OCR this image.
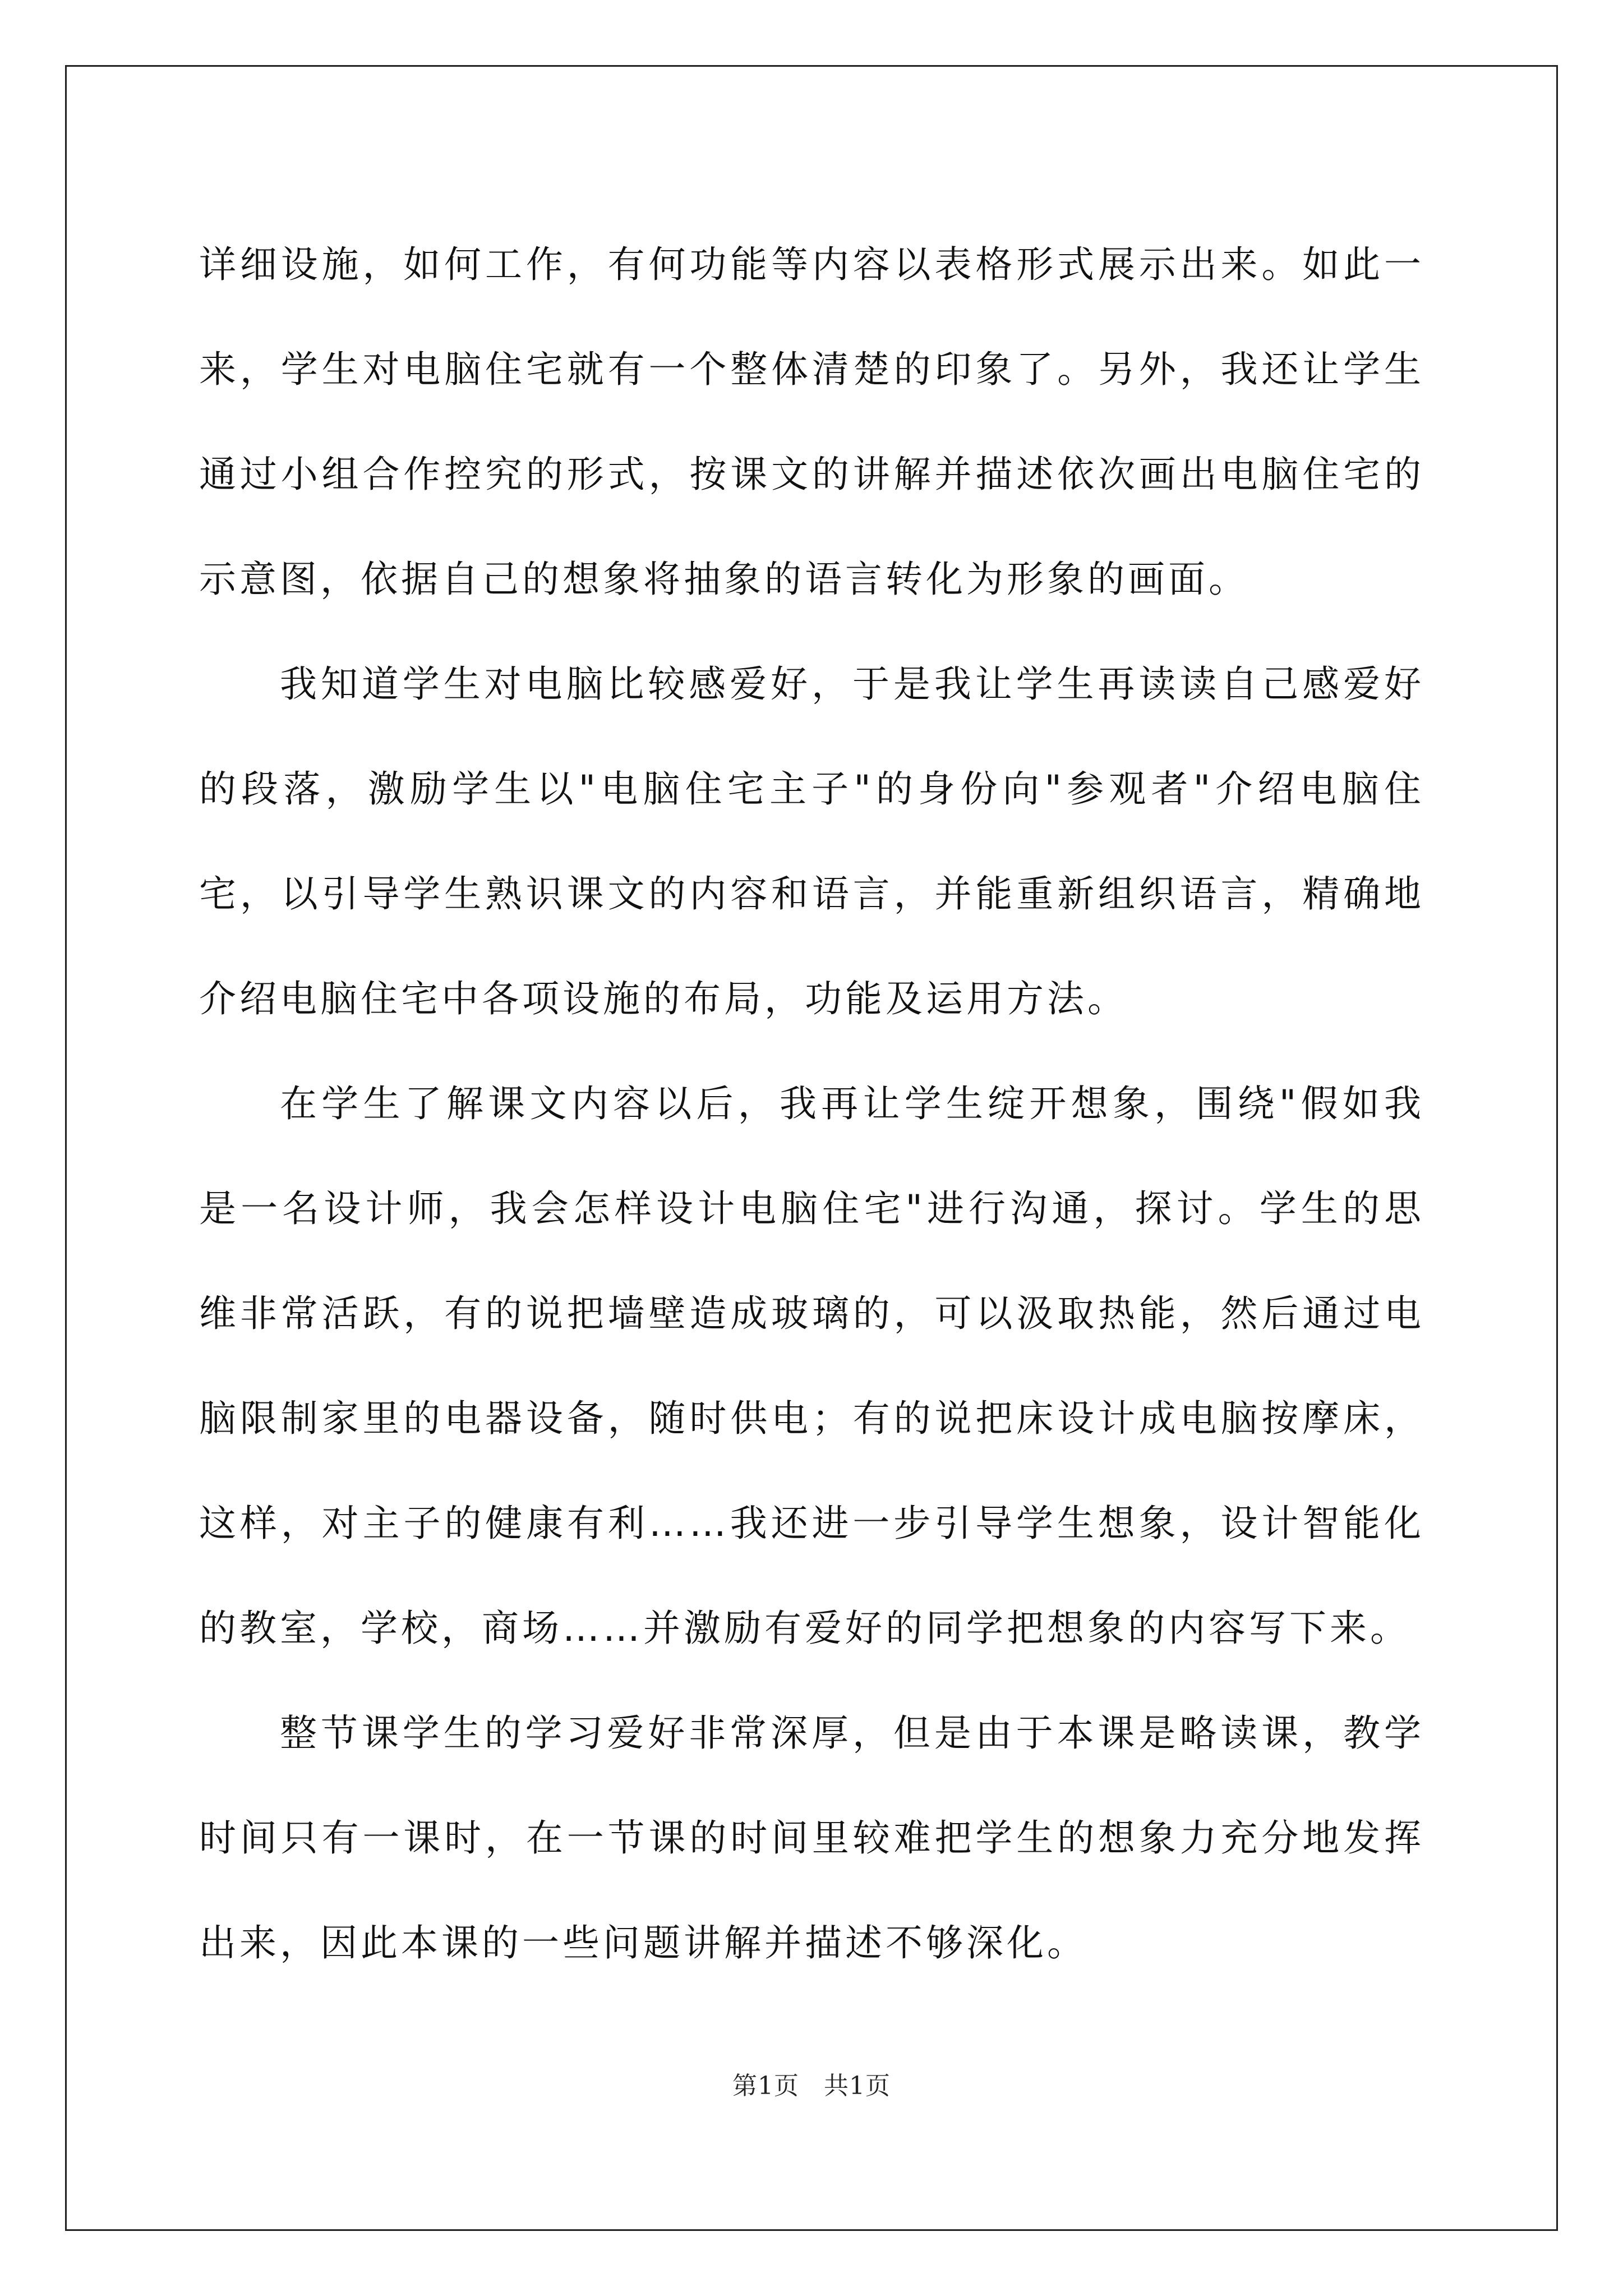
详细设施，如何工作，有何功能等内容以表格形式展示出来。如此一来，学生对电脑住宅就有一个整体清楚的印象了。另外，我还让学生通过小组合作控究的形式，按课文的讲解并描述依次画出电脑住宅的示意图，依据自己的想象将抽象的语言转化为形象的画面。

我知道学生对电脑比较感爱好，于是我让学生再读读自己感爱好的段落，激励学生以"电脑住宅主子"的身份向"参观者"介绍电脑住宅，以引导学生熟识课文的内容和语言，并能重新组织语言，精确地介绍电脑住宅中各项设施的布局，功能及运用方法。

在学生了解课文内容以后，我再让学生绽开想象，围绕"假如我是一名设计师，我会怎样设计电脑住宅"进行沟通，探讨。学生的思维非常活跃，有的说把墙壁造成玻璃的，可以汲取热能，然后通过电脑限制家里的电器设备，随时供电；有的说把床设计成电脑按摩床，这样，对主子的健康有利……我还进一步引导学生想象，设计智能化的教室，学校，商场……并激励有爱好的同学把想象的内容写下来。

整节课学生的学习爱好非常深厚，但是由于本课是略读课，教学时间只有一课时，在一节课的时间里较难把学生的想象力充分地发挥出来，因此本课的一些问题讲解并描述不够深化。

第1页 共1页
